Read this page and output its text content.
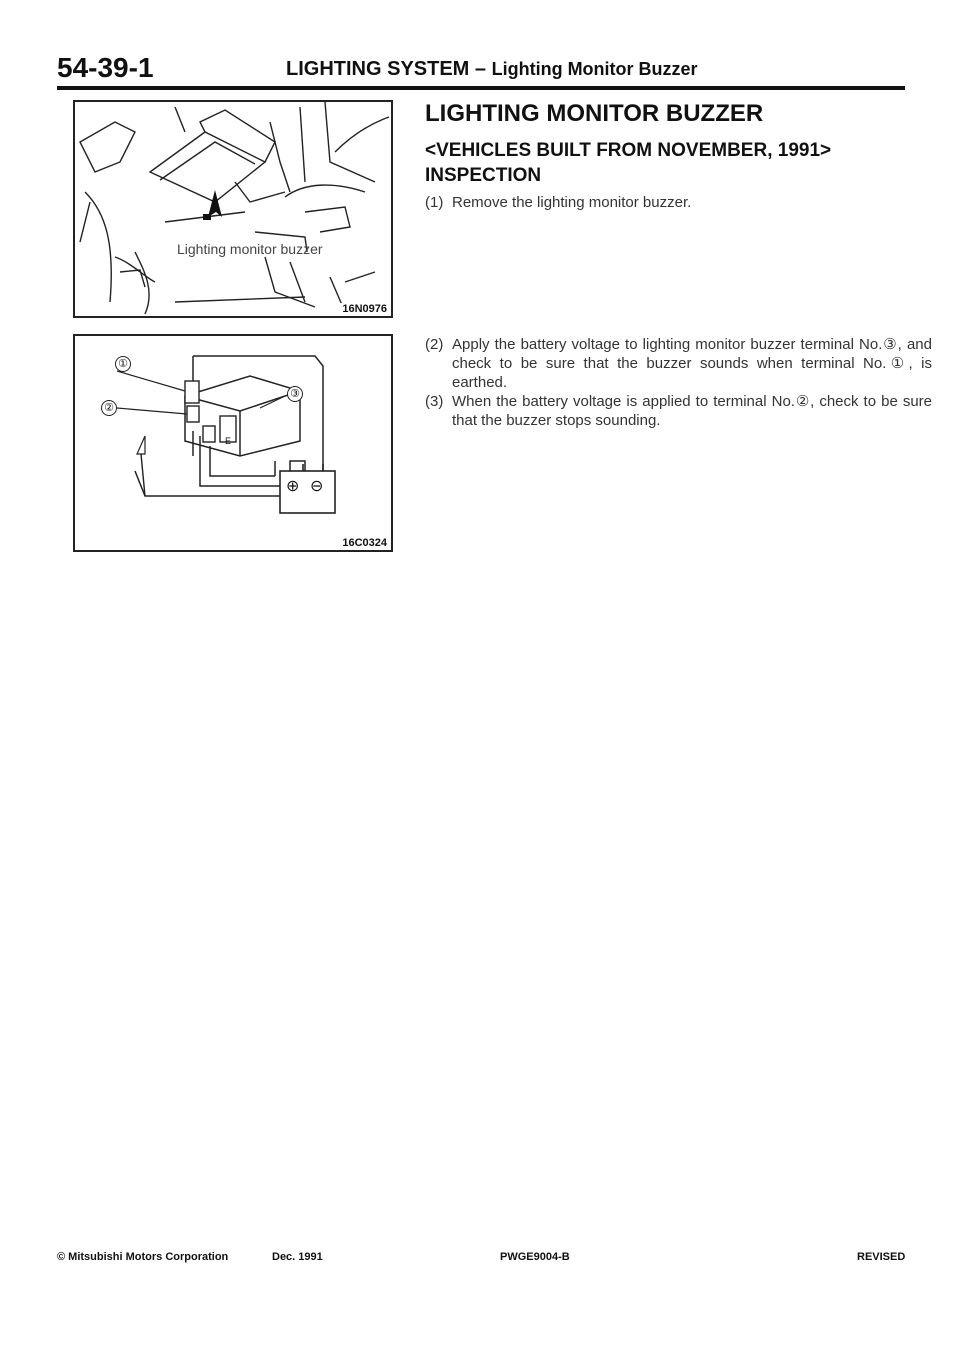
54-39-1	LIGHTING SYSTEM – Lighting Monitor Buzzer
Lighting monitor buzzer
16N0976
①
②
③
E
⊕ ⊖
16C0324
LIGHTING MONITOR BUZZER
<VEHICLES BUILT FROM NOVEMBER, 1991>
INSPECTION
(1) Remove the lighting monitor buzzer.
(2) Apply the battery voltage to lighting monitor buzzer terminal No.③, and check to be sure that the buzzer sounds when terminal No.①, is earthed.
(3) When the battery voltage is applied to terminal No.②, check to be sure that the buzzer stops sounding.
© Mitsubishi Motors Corporation	Dec. 1991	PWGE9004-B	REVISED
